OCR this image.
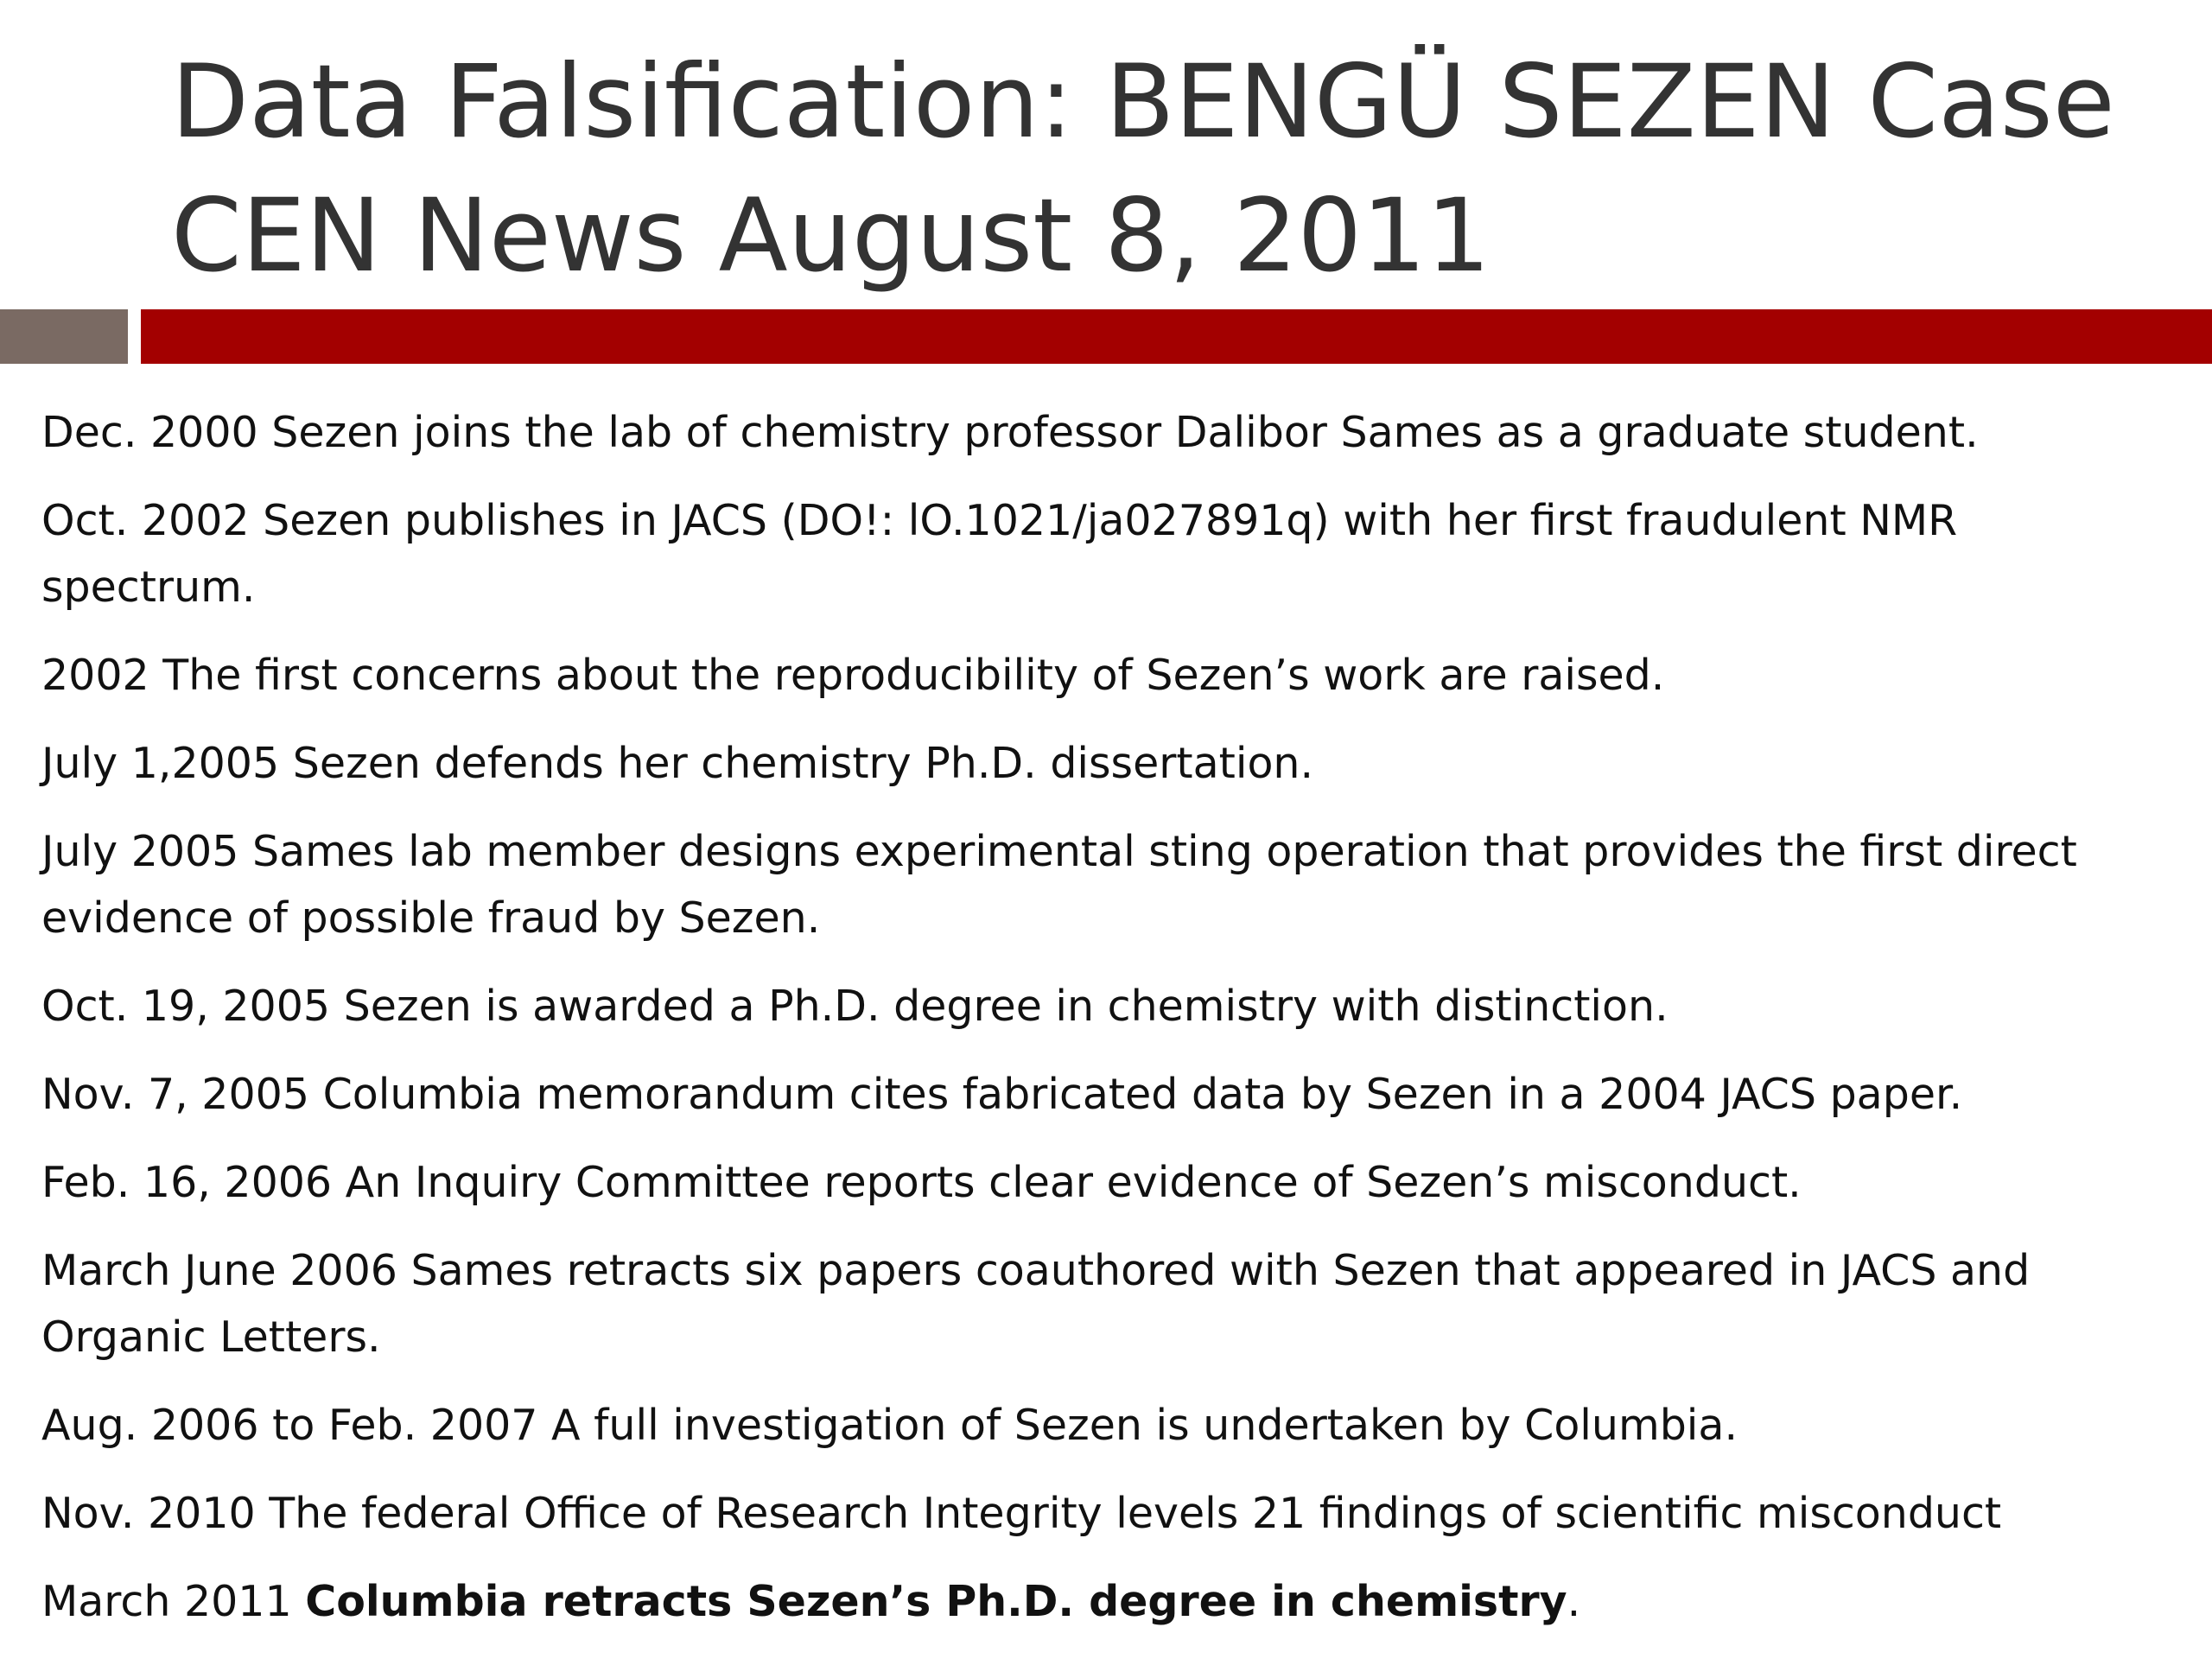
Data Falsification: BENGÜ SEZEN Case
CEN News August 8, 2011

Dec. 2000 Sezen joins the lab of chemistry professor Dalibor Sames as a graduate student.

Oct. 2002 Sezen publishes in JACS (DO!: lO.1021/ja027891q) with her first fraudulent NMR spectrum.

2002 The first concerns about the reproducibility of Sezen’s work are raised.

July 1,2005 Sezen defends her chemistry Ph.D. dissertation.

July 2005 Sames lab member designs experimental sting operation that provides the first direct evidence of possible fraud by Sezen.

Oct. 19, 2005 Sezen is awarded a Ph.D. degree in chemistry with distinction.

Nov. 7, 2005 Columbia memorandum cites fabricated data by Sezen in a 2004 JACS paper.

Feb. 16, 2006 An Inquiry Committee reports clear evidence of Sezen’s misconduct.

March June 2006 Sames retracts six papers coauthored with Sezen that appeared in JACS and Organic Letters.

Aug. 2006 to Feb. 2007 A full investigation of Sezen is undertaken by Columbia.

Nov. 2010 The federal Office of Research Integrity levels 21 findings of scientific misconduct

March 2011 Columbia retracts Sezen’s Ph.D. degree in chemistry.
